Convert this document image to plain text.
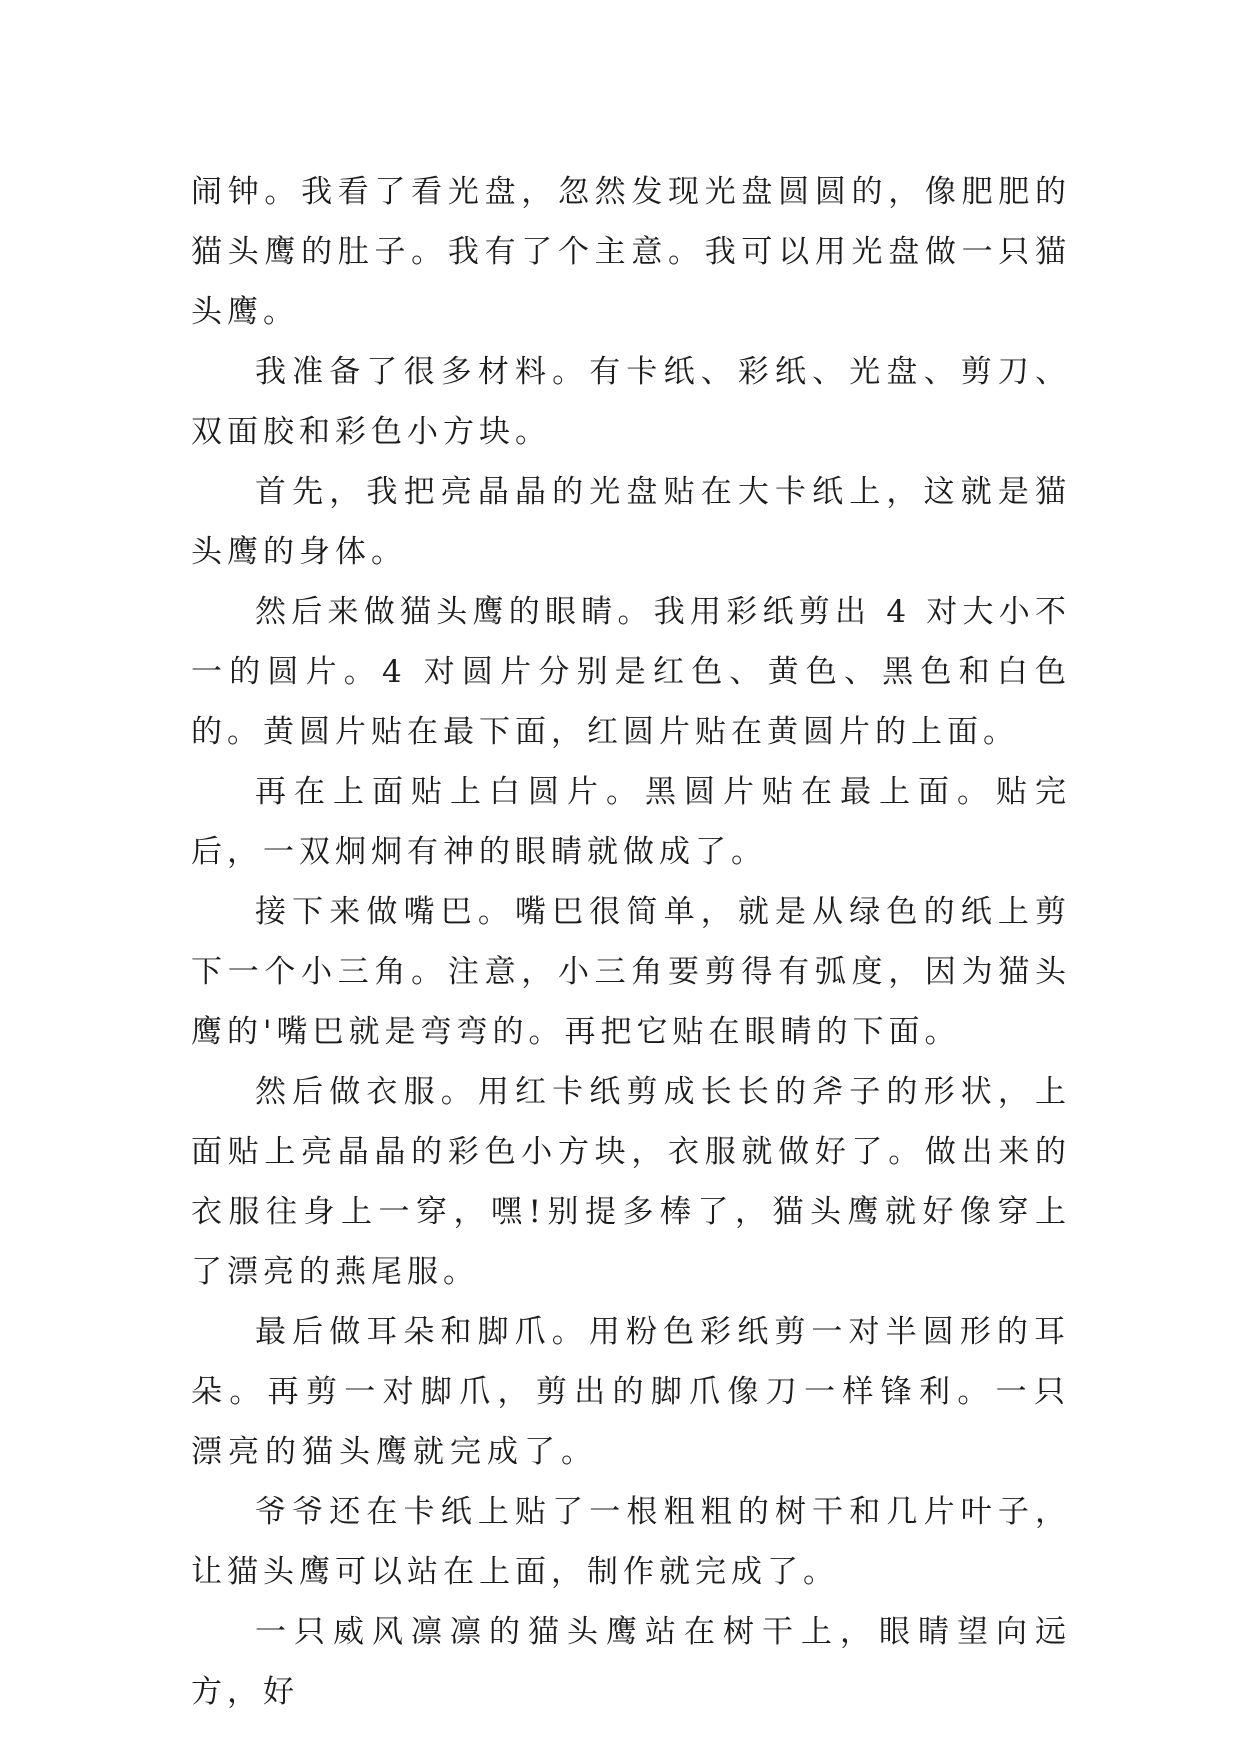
闹钟。我看了看光盘，忽然发现光盘圆圆的，像肥肥的猫头鹰的肚子。我有了个主意。我可以用光盘做一只猫头鹰。

我准备了很多材料。有卡纸、彩纸、光盘、剪刀、双面胶和彩色小方块。

首先，我把亮晶晶的光盘贴在大卡纸上，这就是猫头鹰的身体。

然后来做猫头鹰的眼睛。我用彩纸剪出 4 对大小不一的圆片。4 对圆片分别是红色、黄色、黑色和白色的。黄圆片贴在最下面，红圆片贴在黄圆片的上面。

再在上面贴上白圆片。黑圆片贴在最上面。贴完后，一双炯炯有神的眼睛就做成了。

接下来做嘴巴。嘴巴很简单，就是从绿色的纸上剪下一个小三角。注意，小三角要剪得有弧度，因为猫头鹰的'嘴巴就是弯弯的。再把它贴在眼睛的下面。

然后做衣服。用红卡纸剪成长长的斧子的形状，上面贴上亮晶晶的彩色小方块，衣服就做好了。做出来的衣服往身上一穿，嘿!别提多棒了，猫头鹰就好像穿上了漂亮的燕尾服。

最后做耳朵和脚爪。用粉色彩纸剪一对半圆形的耳朵。再剪一对脚爪，剪出的脚爪像刀一样锋利。一只漂亮的猫头鹰就完成了。

爷爷还在卡纸上贴了一根粗粗的树干和几片叶子，让猫头鹰可以站在上面，制作就完成了。

一只威风凛凛的猫头鹰站在树干上，眼睛望向远方，好
